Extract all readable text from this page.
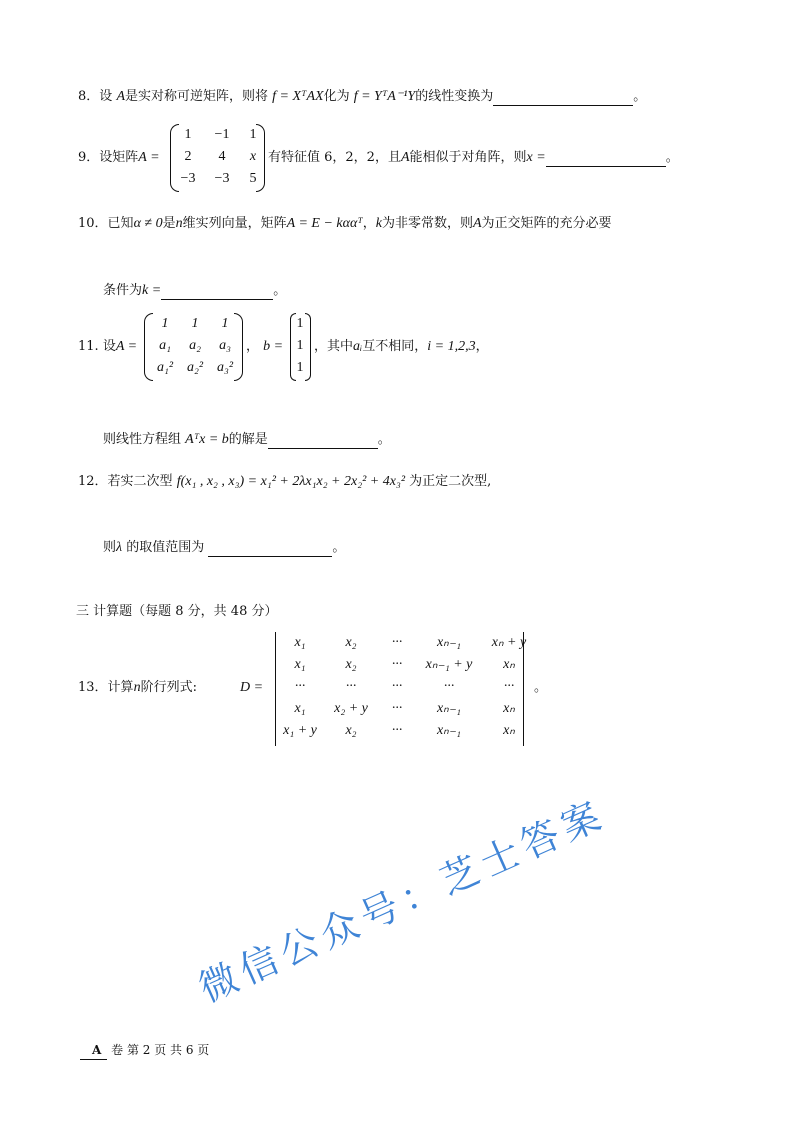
8．设 A是实对称可逆矩阵，则将 f = XᵀAX化为 f = YᵀA⁻¹Y的线性变换为	。
9．设矩阵A =
1	−1	1
2	4	x
−3	−3	5
有特征值 6，2，2，且A能相似于对角阵，则x =	。
10．已知α ≠ 0是n维实列向量，矩阵A = E − kααᵀ，k为非零常数，则A为正交矩阵的充分必要
条件为k =	。
11. 设A =
1	1	1
a₁	a₂	a₃
a₁² a₂² a₃²
， b =
1
1
1
，其中aᵢ互不相同，i = 1,2,3，
则线性方程组 Aᵀx = b的解是	。
12．若实二次型 f(x₁ , x₂ , x₃) = x₁² + 2λx₁x₂ + 2x₂² + 4x₃² 为正定二次型,
则λ 的取值范围为	。
三 计算题（每题 8 分，共 48 分）
13．计算n阶行列式:	D =
x₁	x₂	···	xₙ₋₁	xₙ + y
x₁	x₂	···	xₙ₋₁ + y	xₙ
···	···	···	···	···
x₁	x₂ + y	···	xₙ₋₁	xₙ
x₁ + y	x₂	···	xₙ₋₁	xₙ
。
A 卷 第 2 页 共 6 页
微信公众号：芝士答案
